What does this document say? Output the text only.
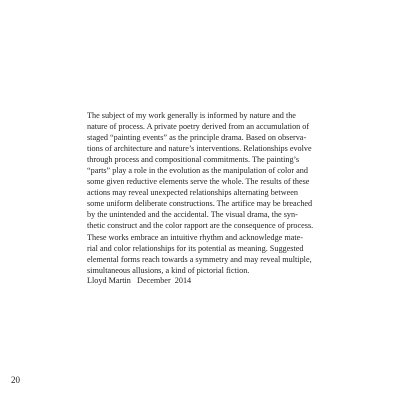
The subject of my work generally is informed by nature and the
nature of process. A private poetry derived from an accumulation of
staged “painting events” as the principle drama. Based on observa-
tions of architecture and nature’s interventions. Relationships evolve
through process and compositional commitments. The painting’s
“parts” play a role in the evolution as the manipulation of color and
some given reductive elements serve the whole. The results of these
actions may reveal unexpected relationships alternating between
some uniform deliberate constructions. The artifice may be breached
by the unintended and the accidental. The visual drama, the syn-
thetic construct and the color rapport are the consequence of process.
These works embrace an intuitive rhythm and acknowledge mate-
rial and color relationships for its potential as meaning. Suggested
elemental forms reach towards a symmetry and may reveal multiple,
simultaneous allusions, a kind of pictorial fiction.
Lloyd Martin   December  2014
20
